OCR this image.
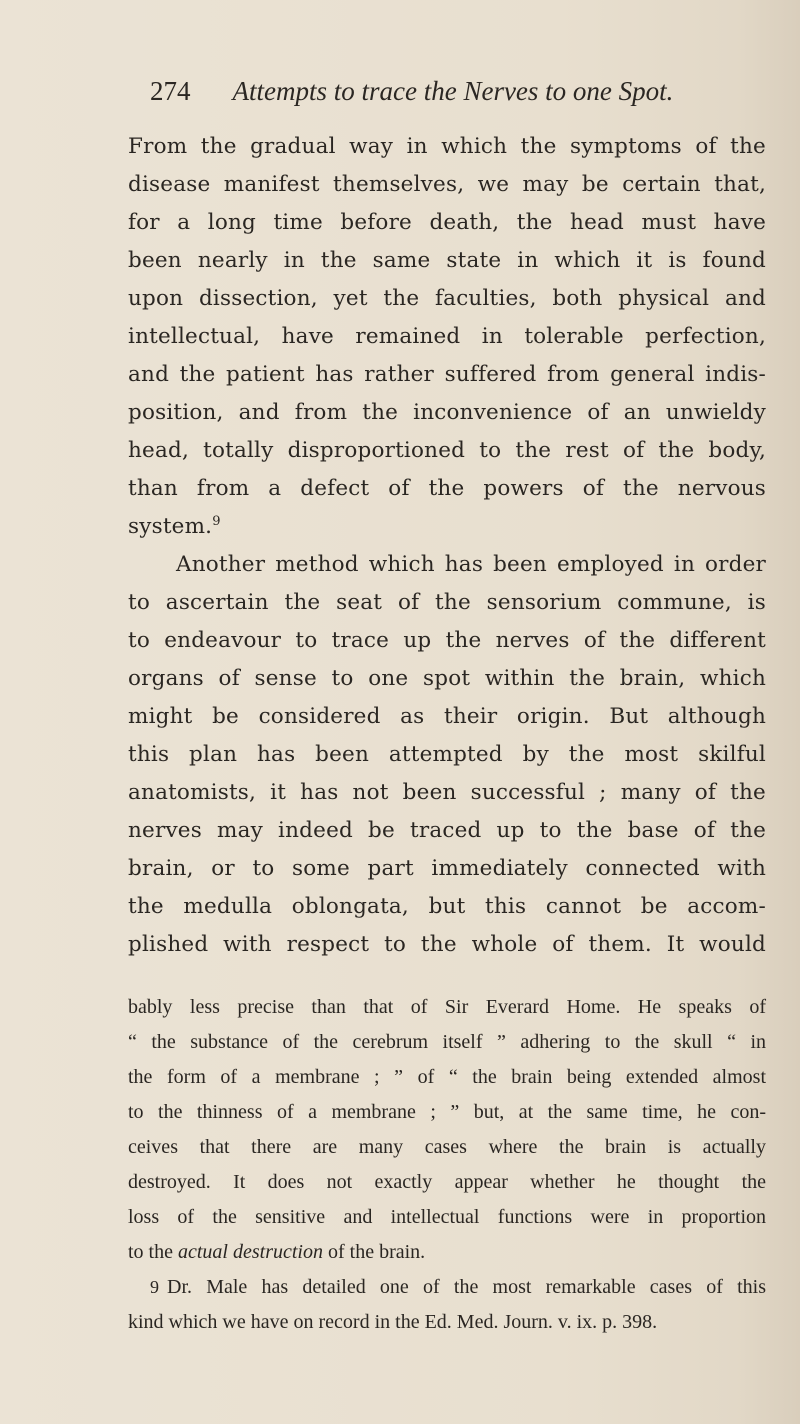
274 Attempts to trace the Nerves to one Spot.
From the gradual way in which the symptoms of the
disease manifest themselves, we may be certain that,
for a long time before death, the head must have
been nearly in the same state in which it is found
upon dissection, yet the faculties, both physical and
intellectual, have remained in tolerable perfection,
and the patient has rather suffered from general indis-
position, and from the inconvenience of an unwieldy
head, totally disproportioned to the rest of the body,
than from a defect of the powers of the nervous
system.$^9$
Another method which has been employed in order
to ascertain the seat of the sensorium commune, is
to endeavour to trace up the nerves of the different
organs of sense to one spot within the brain, which
might be considered as their origin. But although
this plan has been attempted by the most skilful
anatomists, it has not been successful ; many of the
nerves may indeed be traced up to the base of the
brain, or to some part immediately connected with
the medulla oblongata, but this cannot be accom-
plished with respect to the whole of them. It would
bably less precise than that of Sir Everard Home. He speaks of
“ the substance of the cerebrum itself ” adhering to the skull “ in
the form of a membrane ; ” of “ the brain being extended almost
to the thinness of a membrane ; ” but, at the same time, he con-
ceives that there are many cases where the brain is actually
destroyed. It does not exactly appear whether he thought the
loss of the sensitive and intellectual functions were in proportion
to the actual destruction of the brain.
9 Dr. Male has detailed one of the most remarkable cases of this
kind which we have on record in the Ed. Med. Journ. v. ix. p. 398.
